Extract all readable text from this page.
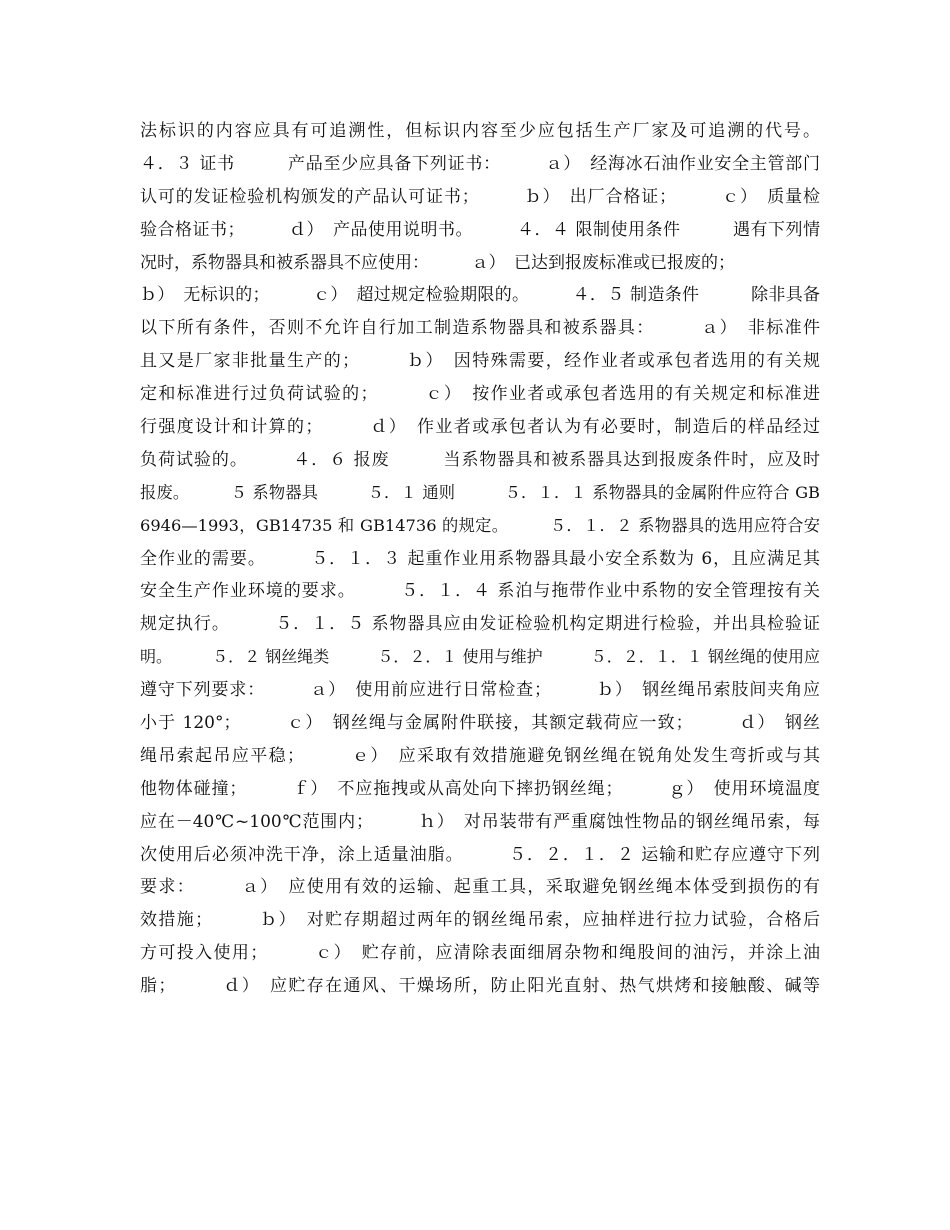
法标识的内容应具有可追溯性，但标识内容至少应包括生产厂家及可追溯的代号。
４．３ 证书　　　产品至少应具备下列证书：　　　ａ）　经海冰石油作业安全主管部门
认可的发证检验机构颁发的产品认可证书；　　　ｂ）　出厂合格证；　　　ｃ）　质量检
验合格证书；　　　ｄ）　产品使用说明书。　　　４．４ 限制使用条件　　　遇有下列情
况时，系物器具和被系器具不应使用：　　　ａ）　已达到报废标准或已报废的；
ｂ）　无标识的；　　　ｃ）　超过规定检验期限的。　　　４．５ 制造条件　　　除非具备
以下所有条件，否则不允许自行加工制造系物器具和被系器具：　　　ａ）　非标准件
且又是厂家非批量生产的；　　　ｂ）　因特殊需要，经作业者或承包者选用的有关规
定和标准进行过负荷试验的；　　　ｃ）　按作业者或承包者选用的有关规定和标准进
行强度设计和计算的；　　　ｄ）　作业者或承包者认为有必要时，制造后的样品经过
负荷试验的。　　　４．６ 报废　　　当系物器具和被系器具达到报废条件时，应及时
报废。　　　５ 系物器具　　　５．１ 通则　　　５．１．１ 系物器具的金属附件应符合 GB
6946—1993，GB14735 和 GB14736 的规定。　　　５．１．２ 系物器具的选用应符合安
全作业的需要。　　　５．１．３ 起重作业用系物器具最小安全系数为 6，且应满足其
安全生产作业环境的要求。　　　５．１．４ 系泊与拖带作业中系物的安全管理按有关
规定执行。　　　５．１．５ 系物器具应由发证检验机构定期进行检验，并出具检验证
明。　　　５．２ 钢丝绳类　　　５．２．１ 使用与维护　　　５．２．１．１ 钢丝绳的使用应
遵守下列要求：　　　ａ）　使用前应进行日常检查；　　　ｂ）　钢丝绳吊索肢间夹角应
小于 120°；　　　ｃ）　钢丝绳与金属附件联接，其额定载荷应一致；　　　ｄ）　钢丝
绳吊索起吊应平稳；　　　ｅ）　应采取有效措施避免钢丝绳在锐角处发生弯折或与其
他物体碰撞；　　　ｆ）　不应拖拽或从高处向下摔扔钢丝绳；　　　ｇ）　使用环境温度
应在－40℃~100℃范围内；　　　ｈ）　对吊装带有严重腐蚀性物品的钢丝绳吊索，每
次使用后必须冲洗干净，涂上适量油脂。　　　５．２．１．２ 运输和贮存应遵守下列
要求：　　　ａ）　应使用有效的运输、起重工具，采取避免钢丝绳本体受到损伤的有
效措施；　　　ｂ）　对贮存期超过两年的钢丝绳吊索，应抽样进行拉力试验，合格后
方可投入使用；　　　ｃ）　贮存前，应清除表面细屑杂物和绳股间的油污，并涂上油
脂；　　　ｄ）　应贮存在通风、干燥场所，防止阳光直射、热气烘烤和接触酸、碱等
